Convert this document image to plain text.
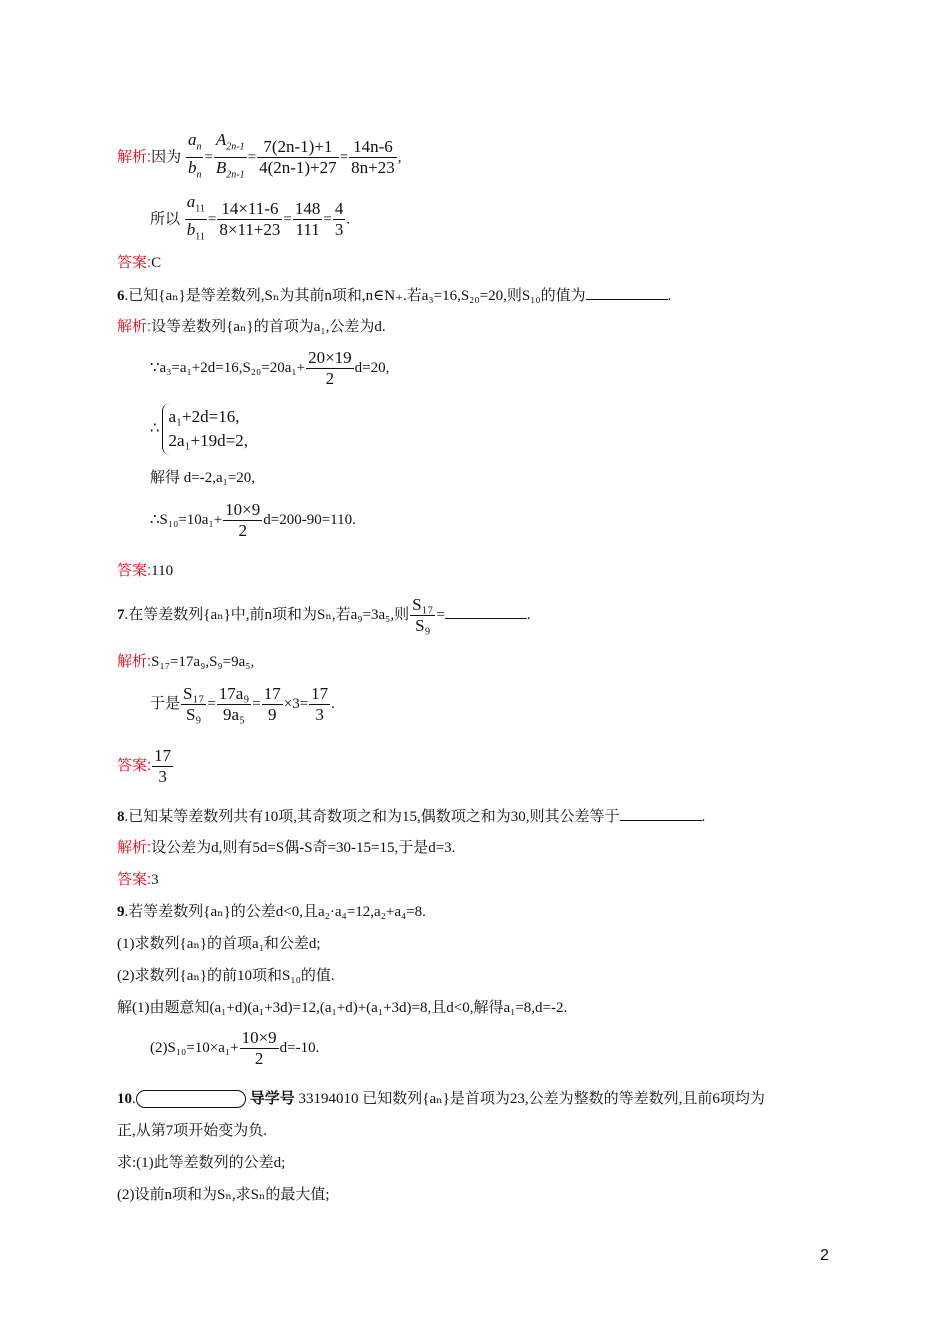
解析:因为 $\frac{a_n}{b_n} = \frac{A_{2n-1}}{B_{2n-1}} = \frac{7(2n-1)+1}{4(2n-1)+27} = \frac{14n-6}{8n+23}$ ,
所以 $\frac{a_{11}}{b_{11}} = \frac{14\times 11-6}{8\times 11+23} = \frac{148}{111} = \frac{4}{3}$ .
答案:C
6.已知{aₙ}是等差数列,Sₙ为其前n项和,n∈N₊.若a₃=16,S₂₀=20,则S₁₀的值为	.
解析:设等差数列{aₙ}的首项为a₁,公差为d.
∵a₃=a₁+2d=16,S₂₀=20a₁+ $\frac{20\times 19}{2} d=20$,
∴
a₁+2d=16,
2a₁+19d=2,
解得 d=-2,a₁=20,
∴S₁₀=10a₁+ $\frac{10\times 9}{2} d=200-90=110$.
答案:110
7.在等差数列{aₙ}中,前n项和为Sₙ,若a₉=3a₅,则 $\frac{\text{S₁₇}}{\text{S₉}}$ =	.
解析:S₁₇=17a₉,S₉=9a₅,
于是 $\frac{\text{S₁₇}}{\text{S₉}} = \frac{\text{17a₉}}{\text{9a₅}} = \frac{17}{9} \times 3= \frac{17}{3}$ .
答案: $\frac{17}{3}$
8.已知某等差数列共有10项,其奇数项之和为15,偶数项之和为30,则其公差等于	.
解析:设公差为d,则有5d=S偶-S奇=30-15=15,于是d=3.
答案:3
9.若等差数列{aₙ}的公差d<0,且a₂·a₄=12,a₂+a₄=8.
(1)求数列{aₙ}的首项a₁和公差d;
(2)求数列{aₙ}的前10项和S₁₀的值.
解(1)由题意知(a₁+d)(a₁+3d)=12,(a₁+d)+(a₁+3d)=8,且d<0,解得a₁=8,d=-2.
$(2)S_{10}=10\times a_1+ \frac{10\times 9}{2} d=-10$.
10.	导学号 33194010 已知数列{aₙ}是首项为23,公差为整数的等差数列,且前6项均为
正,从第7项开始变为负.
求:(1)此等差数列的公差d;
(2)设前n项和为Sₙ,求Sₙ的最大值;
2
